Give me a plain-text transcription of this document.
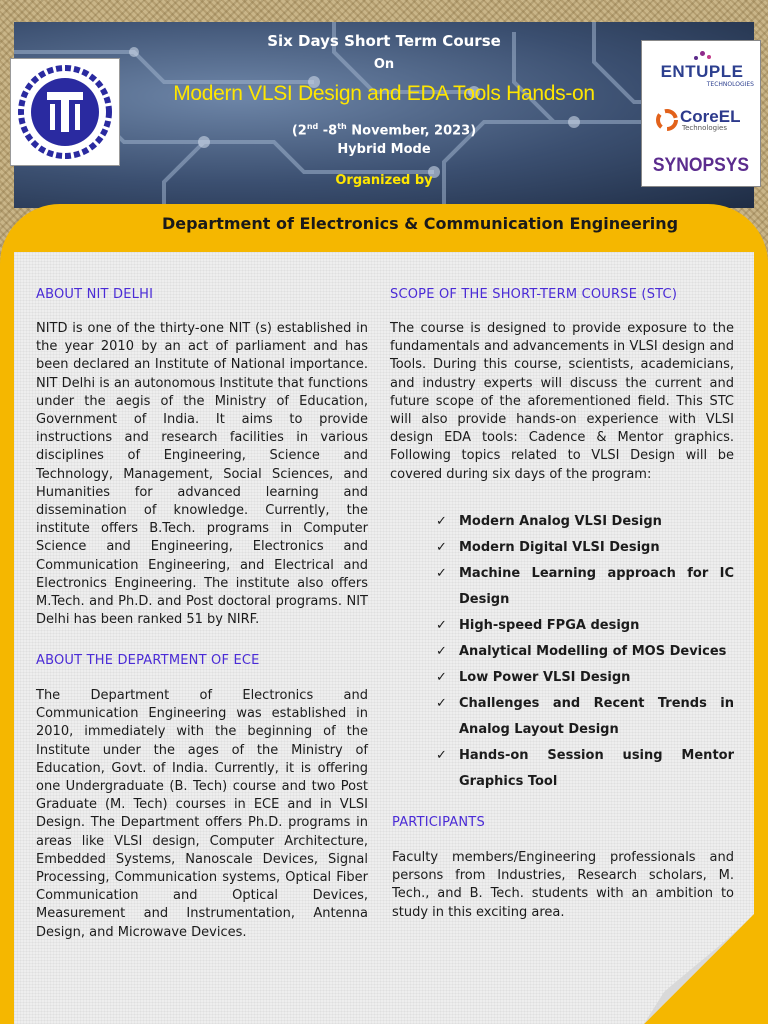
ENTUPLE
TECHNOLOGIES
CoreEL
Technologies
SYNOPSYS
Six Days Short Term Course
On
Modern VLSI Design and EDA Tools Hands-on
(2nd -8th November, 2023)
Hybrid Mode
Organized by
Department of Electronics & Communication Engineering
ABOUT NIT DELHI
NITD is one of the thirty-one NIT (s) established in the year 2010 by an act of parliament and has been declared an Institute of National importance. NIT Delhi is an autonomous Institute that functions under the aegis of the Ministry of Education, Government of India. It aims to provide instructions and research facilities in various disciplines of Engineering, Science and Technology, Management, Social Sciences, and Humanities for advanced learning and dissemination of knowledge. Currently, the institute offers B.Tech. programs in Computer Science and Engineering, Electronics and Communication Engineering, and Electrical and Electronics Engineering. The institute also offers M.Tech. and Ph.D. and Post doctoral programs. NIT Delhi has been ranked 51 by NIRF.
ABOUT THE DEPARTMENT OF ECE
The Department of Electronics and Communication Engineering was established in 2010, immediately with the beginning of the Institute under the ages of the Ministry of Education, Govt. of India. Currently, it is offering one Undergraduate (B. Tech) course and two Post Graduate (M. Tech) courses in ECE and in VLSI Design. The Department offers Ph.D. programs in areas like VLSI design, Computer Architecture, Embedded Systems, Nanoscale Devices, Signal Processing, Communication systems, Optical Fiber Communication and Optical Devices, Measurement and Instrumentation, Antenna Design, and Microwave Devices.
SCOPE OF THE SHORT-TERM COURSE (STC)
The course is designed to provide exposure to the fundamentals and advancements in VLSI design and Tools. During this course, scientists, academicians, and industry experts will discuss the current and future scope of the aforementioned field. This STC will also provide hands-on experience with VLSI design EDA tools: Cadence & Mentor graphics. Following topics related to VLSI Design will be covered during six days of the program:
✓ Modern Analog VLSI Design
✓ Modern Digital VLSI Design
✓ Machine Learning approach for IC Design
✓ High-speed FPGA design
✓ Analytical Modelling of MOS Devices
✓ Low Power VLSI Design
✓ Challenges and Recent Trends in Analog Layout Design
✓ Hands-on Session using Mentor Graphics Tool
PARTICIPANTS
Faculty members/Engineering professionals and persons from Industries, Research scholars, M. Tech., and B. Tech. students with an ambition to study in this exciting area.
